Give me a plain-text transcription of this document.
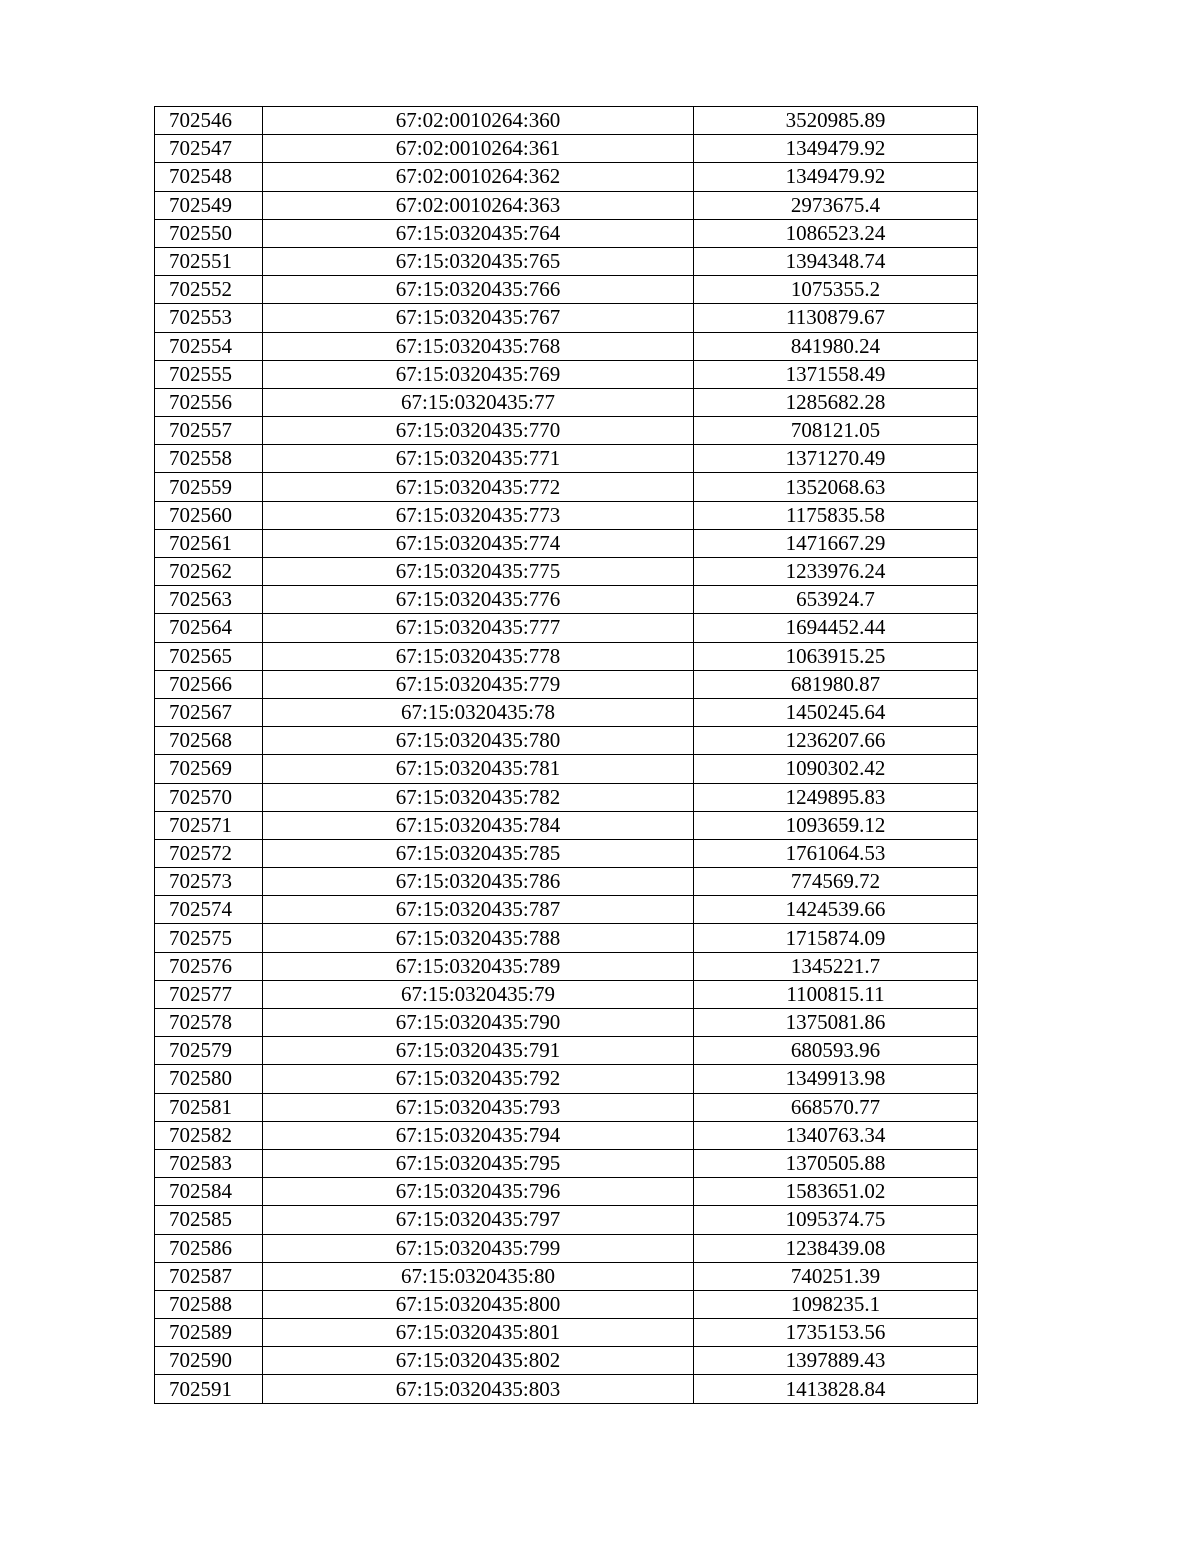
702546	67:02:0010264:360	3520985.89
702547	67:02:0010264:361	1349479.92
702548	67:02:0010264:362	1349479.92
702549	67:02:0010264:363	2973675.4
702550	67:15:0320435:764	1086523.24
702551	67:15:0320435:765	1394348.74
702552	67:15:0320435:766	1075355.2
702553	67:15:0320435:767	1130879.67
702554	67:15:0320435:768	841980.24
702555	67:15:0320435:769	1371558.49
702556	67:15:0320435:77	1285682.28
702557	67:15:0320435:770	708121.05
702558	67:15:0320435:771	1371270.49
702559	67:15:0320435:772	1352068.63
702560	67:15:0320435:773	1175835.58
702561	67:15:0320435:774	1471667.29
702562	67:15:0320435:775	1233976.24
702563	67:15:0320435:776	653924.7
702564	67:15:0320435:777	1694452.44
702565	67:15:0320435:778	1063915.25
702566	67:15:0320435:779	681980.87
702567	67:15:0320435:78	1450245.64
702568	67:15:0320435:780	1236207.66
702569	67:15:0320435:781	1090302.42
702570	67:15:0320435:782	1249895.83
702571	67:15:0320435:784	1093659.12
702572	67:15:0320435:785	1761064.53
702573	67:15:0320435:786	774569.72
702574	67:15:0320435:787	1424539.66
702575	67:15:0320435:788	1715874.09
702576	67:15:0320435:789	1345221.7
702577	67:15:0320435:79	1100815.11
702578	67:15:0320435:790	1375081.86
702579	67:15:0320435:791	680593.96
702580	67:15:0320435:792	1349913.98
702581	67:15:0320435:793	668570.77
702582	67:15:0320435:794	1340763.34
702583	67:15:0320435:795	1370505.88
702584	67:15:0320435:796	1583651.02
702585	67:15:0320435:797	1095374.75
702586	67:15:0320435:799	1238439.08
702587	67:15:0320435:80	740251.39
702588	67:15:0320435:800	1098235.1
702589	67:15:0320435:801	1735153.56
702590	67:15:0320435:802	1397889.43
702591	67:15:0320435:803	1413828.84
